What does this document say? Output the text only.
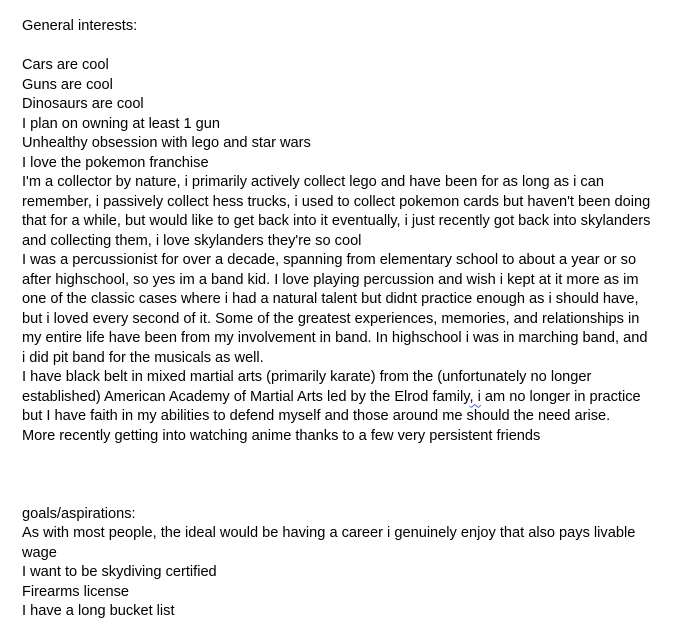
General interests:

Cars are cool

Guns are cool

Dinosaurs are cool

I plan on owning at least 1 gun

Unhealthy obsession with lego and star wars

I love the pokemon franchise

I'm a collector by nature, i primarily actively collect lego and have been for as long as i can remember, i passively collect hess trucks, i used to collect pokemon cards but haven't been doing that for a while, but would like to get back into it eventually, i just recently got back into skylanders and collecting them, i love skylanders they're so cool

I was a percussionist for over a decade, spanning from elementary school to about a year or so after highschool, so yes im a band kid. I love playing percussion and wish i kept at it more as im one of the classic cases where i had a natural talent but didnt practice enough as i should have, but i loved every second of it. Some of the greatest experiences, memories, and relationships in my entire life have been from my involvement in band. In highschool i was in marching band, and i did pit band for the musicals as well.

I have black belt in mixed martial arts (primarily karate) from the (unfortunately no longer established) American Academy of Martial Arts led by the Elrod family, i am no longer in practice but I have faith in my abilities to defend myself and those around me should the need arise.

More recently getting into watching anime thanks to a few very persistent friends

goals/aspirations:

As with most people, the ideal would be having a career i genuinely enjoy that also pays livable wage

I want to be skydiving certified

Firearms license

I have a long bucket list
